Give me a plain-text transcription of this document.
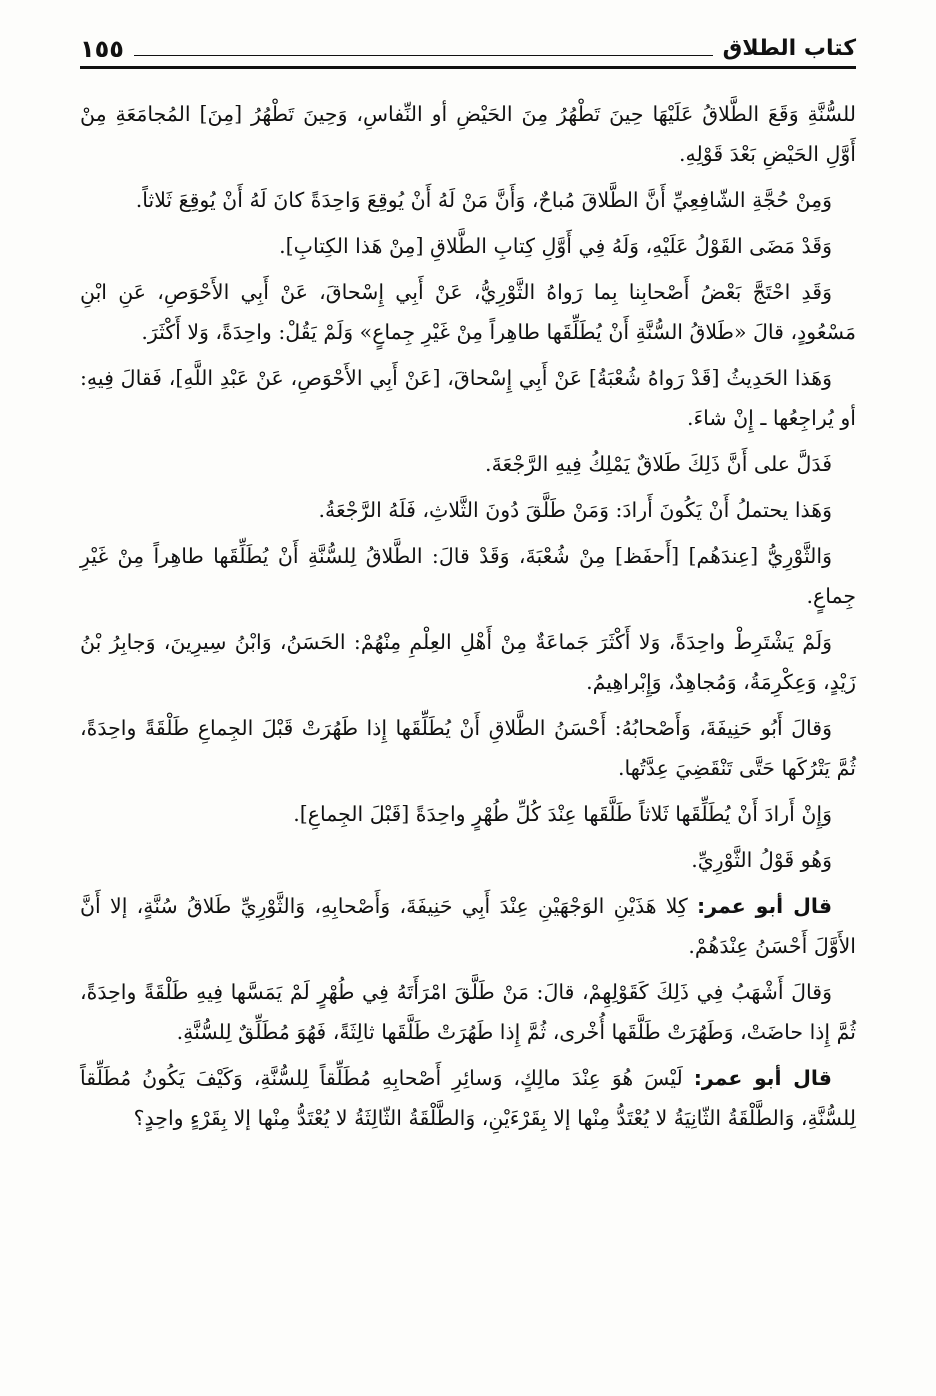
كتاب الطلاق
١٥٥

للسُّنَّةِ وَقَعَ الطَّلاقُ عَلَيْهَا حِينَ تَطْهُرُ مِنَ الحَيْضِ أو النِّفاسِ، وَحِينَ تَطْهُرُ [مِنَ] المُجامَعَةِ مِنْ أَوَّلِ الحَيْضِ بَعْدَ قَوْلِهِ.

وَمِنْ حُجَّةِ الشّافِعِيِّ أَنَّ الطَّلاقَ مُباحٌ، وَأَنَّ مَنْ لَهُ أَنْ يُوقِعَ وَاحِدَةً كانَ لَهُ أَنْ يُوقِعَ ثَلاثاً.

وَقَدْ مَضَى القَوْلُ عَلَيْهِ، وَلَهُ فِي أَوَّلِ كِتابِ الطَّلاقِ [مِنْ هَذا الكِتابِ].

وَقَدِ احْتَجَّ بَعْضُ أَصْحابِنا بِما رَواهُ الثَّوْرِيُّ، عَنْ أَبِي إِسْحاقَ، عَنْ أَبِي الأَحْوَصِ، عَنِ ابْنِ مَسْعُودٍ، قالَ «طَلاقُ السُّنَّةِ أَنْ يُطَلِّقَها طاهِراً مِنْ غَيْرِ جِماعٍ» وَلَمْ يَقُلْ: واحِدَةً، وَلا أَكْثَرَ.

وَهَذا الحَدِيثُ [قَدْ رَواهُ شُعْبَةُ] عَنْ أَبِي إِسْحاقَ، [عَنْ أَبِي الأَحْوَصِ، عَنْ عَبْدِ اللَّهِ]، فَقالَ فِيهِ: أو يُراجِعُها ـ إِنْ شاءَ.

فَدَلَّ على أَنَّ ذَلِكَ طَلاقٌ يَمْلِكُ فِيهِ الرَّجْعَةَ.

وَهَذا يحتملُ أَنْ يَكُونَ أَرادَ: وَمَنْ طَلَّقَ دُونَ الثَّلاثِ، فَلَهُ الرَّجْعَةُ.

وَالثَّوْرِيُّ [عِندَهُم] [أَحفَظ] مِنْ شُعْبَةَ، وَقَدْ قالَ: الطَّلاقُ لِلسُّنَّةِ أَنْ يُطَلِّقَها طاهِراً مِنْ غَيْرِ جِماعٍ.

وَلَمْ يَشْتَرِطْ واحِدَةً، وَلا أَكْثَرَ جَماعَةٌ مِنْ أَهْلِ العِلْمِ مِنْهُمْ: الحَسَنُ، وَابْنُ سِيرِينَ، وَجابِرُ بْنُ زَيْدٍ، وَعِكْرِمَةُ، وَمُجاهِدٌ، وَإِبْراهِيمُ.

وَقالَ أَبُو حَنِيفَةَ، وَأَصْحابُهُ: أَحْسَنُ الطَّلاقِ أَنْ يُطَلِّقَها إِذا طَهُرَتْ قَبْلَ الجِماعِ طَلْقَةً واحِدَةً، ثُمَّ يَتْرُكَها حَتَّى تَنْقَضِيَ عِدَّتُها.

وَإِنْ أَرادَ أَنْ يُطَلِّقَها ثَلاثاً طَلَّقَها عِنْدَ كُلِّ طُهْرٍ واحِدَةً [قَبْلَ الجِماعِ].

وَهُو قَوْلُ الثَّوْرِيِّ.

قال أبو عمر: كِلا هَذَيْنِ الوَجْهَيْنِ عِنْدَ أَبِي حَنِيفَةَ، وَأَصْحابِهِ، وَالثَّوْرِيِّ طَلاقُ سُنَّةٍ، إلا أَنَّ الأَوَّلَ أَحْسَنُ عِنْدَهُمْ.

وَقالَ أَشْهَبُ فِي ذَلِكَ كَقَوْلِهِمْ، قالَ: مَنْ طَلَّقَ امْرَأَتَهُ فِي طُهْرٍ لَمْ يَمَسَّها فِيهِ طَلْقَةً واحِدَةً، ثُمَّ إِذا حاضَتْ، وَطَهُرَتْ طَلَّقَها أُخْرى، ثُمَّ إِذا طَهُرَتْ طَلَّقَها ثالِثَةً، فَهُوَ مُطَلِّقٌ لِلسُّنَّةِ.

قال أبو عمر: لَيْسَ هُوَ عِنْدَ مالِكٍ، وَسائِرِ أَصْحابِهِ مُطَلِّقاً لِلسُّنَّةِ، وَكَيْفَ يَكُونُ مُطَلِّقاً لِلسُّنَّةِ، وَالطَّلْقَةُ الثّانِيَةُ لا يُعْتَدُّ مِنْها إلا بِقَرْءَيْنِ، وَالطَّلْقَةُ الثّالِثَةُ لا يُعْتَدُّ مِنْها إلا بِقَرْءٍ واحِدٍ؟
